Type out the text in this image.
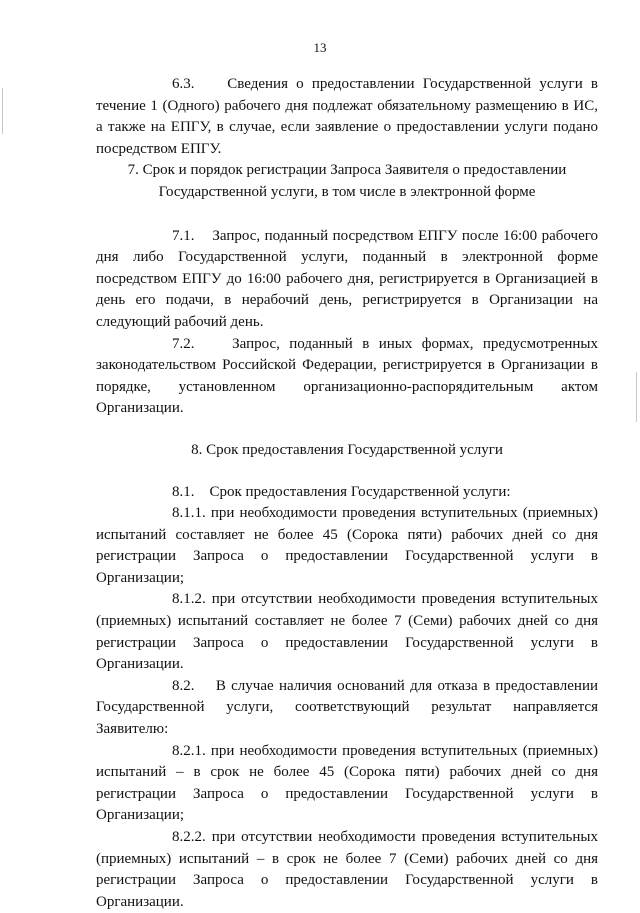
13

6.3. Сведения о предоставлении Государственной услуги в течение 1 (Одного) рабочего дня подлежат обязательному размещению в ИС, а также на ЕПГУ, в случае, если заявление о предоставлении услуги подано посредством ЕПГУ.

7. Срок и порядок регистрации Запроса Заявителя о предоставлении
Государственной услуги, в том числе в электронной форме

7.1. Запрос, поданный посредством ЕПГУ после 16:00 рабочего дня либо Государственной услуги, поданный в электронной форме посредством ЕПГУ до 16:00 рабочего дня, регистрируется в Организацией в день его подачи, в нерабочий день, регистрируется в Организации на следующий рабочий день.

7.2.	Запрос, поданный в иных формах, предусмотренных законодательством Российской Федерации, регистрируется в Организации в порядке, установленном организационно-распорядительным актом Организации.

8. Срок предоставления Государственной услуги

8.1. Срок предоставления Государственной услуги:

8.1.1. при необходимости проведения вступительных (приемных) испытаний составляет не более 45 (Сорока пяти) рабочих дней со дня регистрации Запроса о предоставлении Государственной услуги в Организации;

8.1.2. при отсутствии необходимости проведения вступительных (приемных) испытаний составляет не более 7 (Семи) рабочих дней со дня регистрации Запроса о предоставлении Государственной услуги в Организации.

8.2. В случае наличия оснований для отказа в предоставлении Государственной услуги, соответствующий результат направляется Заявителю:

8.2.1. при необходимости проведения вступительных (приемных) испытаний – в срок не более 45 (Сорока пяти) рабочих дней со дня регистрации Запроса о предоставлении Государственной услуги в Организации;

8.2.2. при отсутствии необходимости проведения вступительных (приемных) испытаний – в срок не более 7 (Семи) рабочих дней со дня регистрации Запроса о предоставлении Государственной услуги в Организации.
